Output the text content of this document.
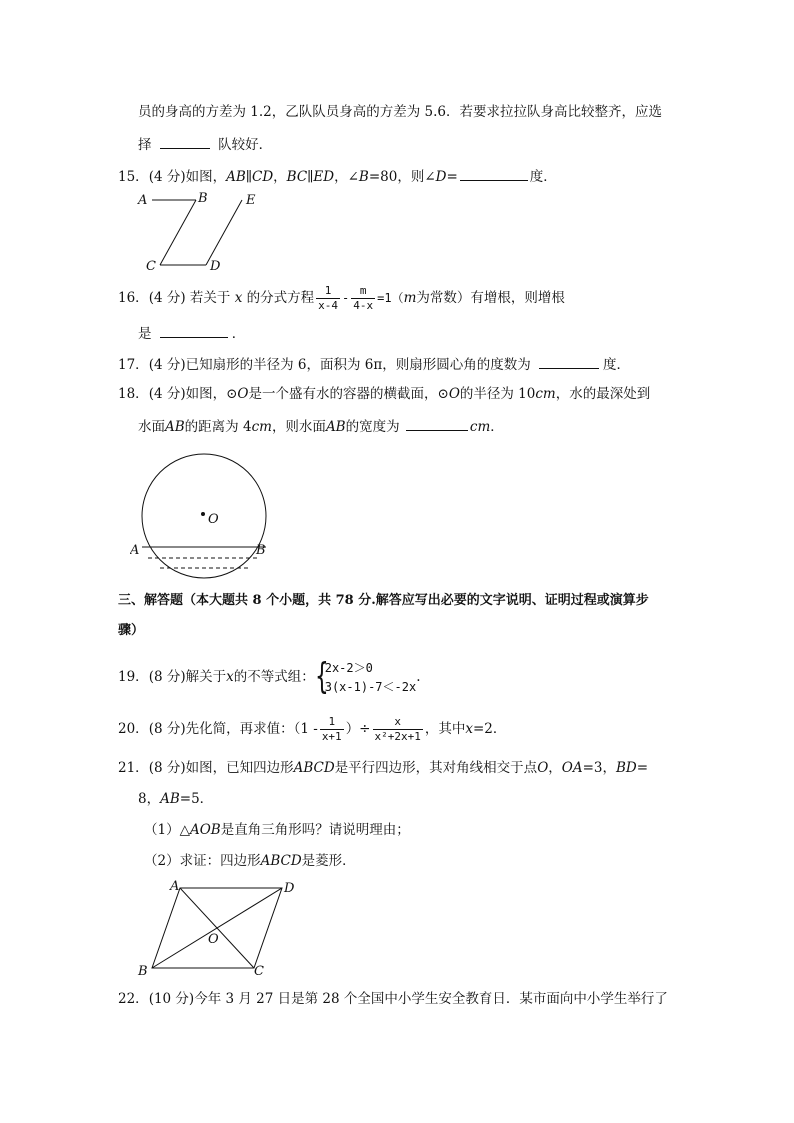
员的身高的方差为 1.2，乙队队员身高的方差为 5.6．若要求拉拉队身高比较整齐，应选
择	队较好．
15．(4 分)如图，AB∥CD，BC∥ED，∠B=80，则∠D=	度．
A	B
C	D
E
16．(4 分) 若关于 x 的分式方程 $\frac{1}{x-4} - \frac{m}{4-x} =1(m$为常数）有增根，则增根
是	．
17．(4 分)已知扇形的半径为 6，面积为 6π，则扇形圆心角的度数为	度．
18．(4 分)如图，⊙O是一个盛有水的容器的横截面，⊙O的半径为 10cm，水的最深处到
水面AB的距离为 4cm，则水面AB的宽度为	cm．
O
A	B
三、解答题（本大题共 8 个小题，共 78 分.解答应写出必要的文字说明、证明过程或演算步
骤）
19．(8 分)解关于x的不等式组： {
2x-2＞0
3(x-1)-7＜-2x
.
20．(8 分)先化简，再求值：（$1 - \frac{1}{x+1}$ ）÷ $\frac{x}{\text{x²+2x+1}}$ ，其中x=2．
21．(8 分)如图，已知四边形ABCD是平行四边形，其对角线相交于点O，OA=3，BD=
8，AB=5．
（1）△AOB是直角三角形吗？请说明理由；
（2）求证：四边形ABCD是菱形．
A	D
B	C
O
22．(10 分)今年 3 月 27 日是第 28 个全国中小学生安全教育日．某市面向中小学生举行了
